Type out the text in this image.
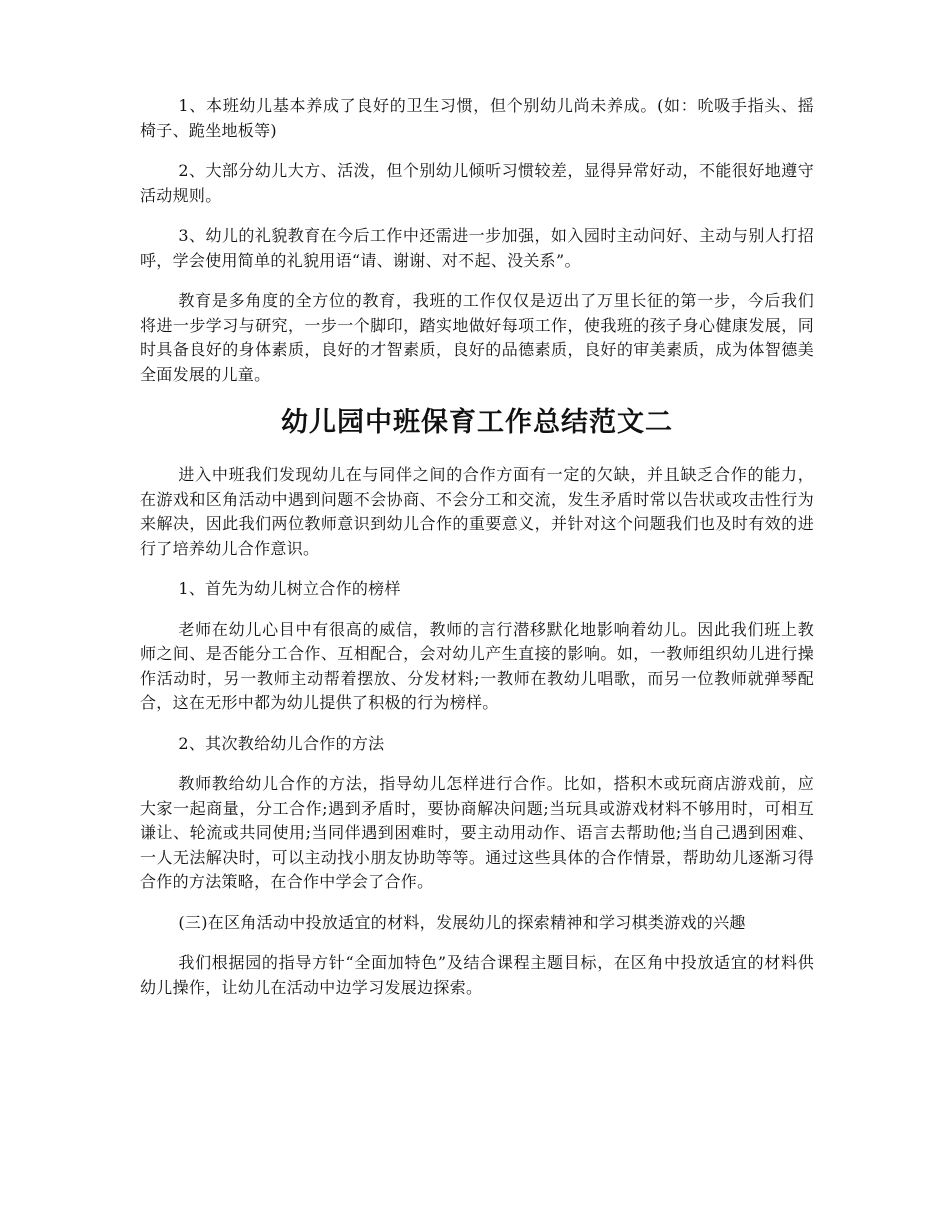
1、本班幼儿基本养成了良好的卫生习惯，但个别幼儿尚未养成。(如：吮吸手指头、摇椅子、跪坐地板等)

2、大部分幼儿大方、活泼，但个别幼儿倾听习惯较差，显得异常好动，不能很好地遵守活动规则。

3、幼儿的礼貌教育在今后工作中还需进一步加强，如入园时主动问好、主动与别人打招呼，学会使用简单的礼貌用语“请、谢谢、对不起、没关系”。

教育是多角度的全方位的教育，我班的工作仅仅是迈出了万里长征的第一步，今后我们将进一步学习与研究，一步一个脚印，踏实地做好每项工作，使我班的孩子身心健康发展，同时具备良好的身体素质，良好的才智素质，良好的品德素质，良好的审美素质，成为体智德美全面发展的儿童。

幼儿园中班保育工作总结范文二

进入中班我们发现幼儿在与同伴之间的合作方面有一定的欠缺，并且缺乏合作的能力，在游戏和区角活动中遇到问题不会协商、不会分工和交流，发生矛盾时常以告状或攻击性行为来解决，因此我们两位教师意识到幼儿合作的重要意义，并针对这个问题我们也及时有效的进行了培养幼儿合作意识。

1、首先为幼儿树立合作的榜样

老师在幼儿心目中有很高的威信，教师的言行潜移默化地影响着幼儿。因此我们班上教师之间、是否能分工合作、互相配合，会对幼儿产生直接的影响。如，一教师组织幼儿进行操作活动时，另一教师主动帮着摆放、分发材料;一教师在教幼儿唱歌，而另一位教师就弹琴配合，这在无形中都为幼儿提供了积极的行为榜样。

2、其次教给幼儿合作的方法

教师教给幼儿合作的方法，指导幼儿怎样进行合作。比如，搭积木或玩商店游戏前，应大家一起商量，分工合作;遇到矛盾时，要协商解决问题;当玩具或游戏材料不够用时，可相互谦让、轮流或共同使用;当同伴遇到困难时，要主动用动作、语言去帮助他;当自己遇到困难、一人无法解决时，可以主动找小朋友协助等等。通过这些具体的合作情景，帮助幼儿逐渐习得合作的方法策略，在合作中学会了合作。

(三)在区角活动中投放适宜的材料，发展幼儿的探索精神和学习棋类游戏的兴趣

我们根据园的指导方针“全面加特色”及结合课程主题目标，在区角中投放适宜的材料供幼儿操作，让幼儿在活动中边学习发展边探索。
